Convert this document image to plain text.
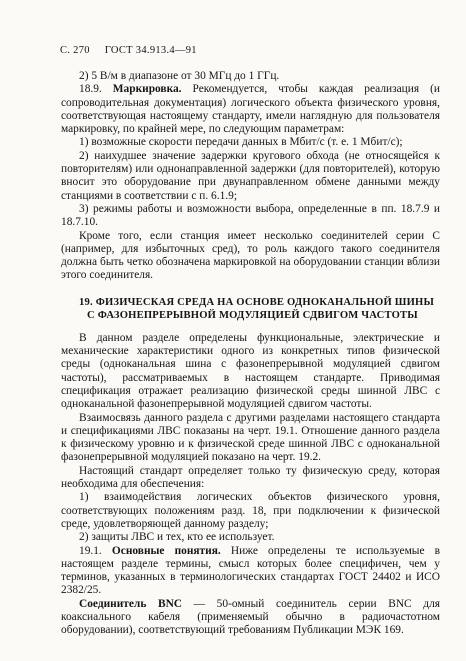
С. 270 ГОСТ 34.913.4—91

2) 5 В/м в диапазоне от 30 МГц до 1 ГГц.

18.9. Маркировка. Рекомендуется, чтобы каждая реализация (и сопроводительная документация) логического объекта физического уровня, соответствующая настоящему стандарту, имели наглядную для пользователя маркировку, по крайней мере, по следующим параметрам:

1) возможные скорости передачи данных в Мбит/с (т. е. 1 Мбит/с);

2) наихудшее значение задержки кругового обхода (не относящейся к повторителям) или однонаправленной задержки (для повторителей), которую вносит это оборудование при двунаправленном обмене данными между станциями в соответствии с п. 6.1.9;

3) режимы работы и возможности выбора, определенные в пп. 18.7.9 и 18.7.10.

Кроме того, если станция имеет несколько соединителей серии С (например, для избыточных сред), то роль каждого такого соединителя должна быть четко обозначена маркировкой на оборудовании станции вблизи этого соединителя.

19. ФИЗИЧЕСКАЯ СРЕДА НА ОСНОВЕ ОДНОКАНАЛЬНОЙ ШИНЫ
С ФАЗОНЕПРЕРЫВНОЙ МОДУЛЯЦИЕЙ СДВИГОМ ЧАСТОТЫ

В данном разделе определены функциональные, электрические и механические характеристики одного из конкретных типов физической среды (одноканальная шина с фазонепрерывной модуляцией сдвигом частоты), рассматриваемых в настоящем стандарте. Приводимая спецификация отражает реализацию физической среды шинной ЛВС с одноканальной фазонепрерывной модуляцией сдвигом частоты.

Взаимосвязь данного раздела с другими разделами настоящего стандарта и спецификациями ЛВС показаны на черт. 19.1. Отношение данного раздела к физическому уровню и к физической среде шинной ЛВС с одноканальной фазонепрерывной модуляцией показано на черт. 19.2.

Настоящий стандарт определяет только ту физическую среду, которая необходима для обеспечения:

1) взаимодействия логических объектов физического уровня, соответствующих положениям разд. 18, при подключении к физической среде, удовлетворяющей данному разделу;

2) защиты ЛВС и тех, кто ее использует.

19.1. Основные понятия. Ниже определены те используемые в настоящем разделе термины, смысл которых более специфичен, чем у терминов, указанных в терминологических стандартах ГОСТ 24402 и ИСО 2382/25.

Соединитель BNC — 50-омный соединитель серии BNC для коаксиального кабеля (применяемый обычно в радиочастотном оборудовании), соответствующий требованиям Публикации МЭК 169.
